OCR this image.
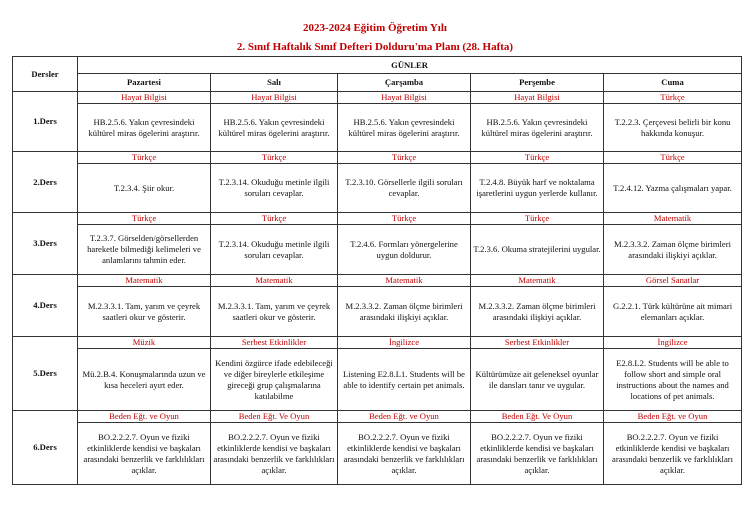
2023-2024 Eğitim Öğretim Yılı
2. Sınıf Haftalık Sınıf Defteri Dolduru'ma Planı (28. Hafta)
Dersler	GÜNLER				
	Pazartesi	Salı	Çarşamba	Perşembe	Cuma
1.Ders	Hayat Bilgisi	Hayat Bilgisi	Hayat Bilgisi	Hayat Bilgisi	Türkçe
	HB.2.5.6. Yakın çevresindeki kültürel miras ögelerini araştırır.	HB.2.5.6. Yakın çevresindeki kültürel miras ögelerini araştırır.	HB.2.5.6. Yakın çevresindeki kültürel miras ögelerini araştırır.	HB.2.5.6. Yakın çevresindeki kültürel miras ögelerini araştırır.	T.2.2.3. Çerçevesi belirli bir konu hakkında konuşur.
2.Ders	Türkçe	Türkçe	Türkçe	Türkçe	Türkçe
	T.2.3.4. Şiir okur.	T.2.3.14. Okuduğu metinle ilgili soruları cevaplar.	T.2.3.10. Görsellerle ilgili soruları cevaplar.	T.2.4.8. Büyük harf ve noktalama işaretlerini uygun yerlerde kullanır.	T.2.4.12. Yazma çalışmaları yapar.
3.Ders	Türkçe	Türkçe	Türkçe	Türkçe	Matematik
	T.2.3.7. Görselden/görsellerden hareketle bilmediği kelimeleri ve anlamlarını tahmin eder.	T.2.3.14. Okuduğu metinle ilgili soruları cevaplar.	T.2.4.6. Formları yönergelerine uygun doldurur.	T.2.3.6. Okuma stratejilerini uygular.	M.2.3.3.2. Zaman ölçme birimleri arasındaki ilişkiyi açıklar.
4.Ders	Matematik	Matematik	Matematik	Matematik	Görsel Sanatlar
	M.2.3.3.1. Tam, yarım ve çeyrek saatleri okur ve gösterir.	M.2.3.3.1. Tam, yarım ve çeyrek saatleri okur ve gösterir.	M.2.3.3.2. Zaman ölçme birimleri arasındaki ilişkiyi açıklar.	M.2.3.3.2. Zaman ölçme birimleri arasındaki ilişkiyi açıklar.	G.2.2.1. Türk kültürüne ait mimari elemanları açıklar.
5.Ders	Müzik	Serbest Etkinlikler	İngilizce	Serbest Etkinlikler	İngilizce
	Mü.2.B.4. Konuşmalarında uzun ve kısa heceleri ayırt eder.	Kendini özgürce ifade edebileceği ve diğer bireylerle etkileşime gireceği grup çalışmalarına katılabilme	Listening E2.8.L1. Students will be able to identify certain pet animals.	Kültürümüze ait geleneksel oyunlar ile dansları tanır ve uygular.	E2.8.L2. Students will be able to follow short and simple oral instructions about the names and locations of pet animals.
6.Ders	Beden Eğt. ve Oyun	Beden Eğt. Ve Oyun	Beden Eğt. ve Oyun	Beden Eğt. Ve Oyun	Beden Eğt. ve Oyun
	BO.2.2.2.7. Oyun ve fiziki etkinliklerde kendisi ve başkaları arasındaki benzerlik ve farklılıkları açıklar.	BO.2.2.2.7. Oyun ve fiziki etkinliklerde kendisi ve başkaları arasındaki benzerlik ve farklılıkları açıklar.	BO.2.2.2.7. Oyun ve fiziki etkinliklerde kendisi ve başkaları arasındaki benzerlik ve farklılıkları açıklar.	BO.2.2.2.7. Oyun ve fiziki etkinliklerde kendisi ve başkaları arasındaki benzerlik ve farklılıkları açıklar.	BO.2.2.2.7. Oyun ve fiziki etkinliklerde kendisi ve başkaları arasındaki benzerlik ve farklılıkları açıklar.
